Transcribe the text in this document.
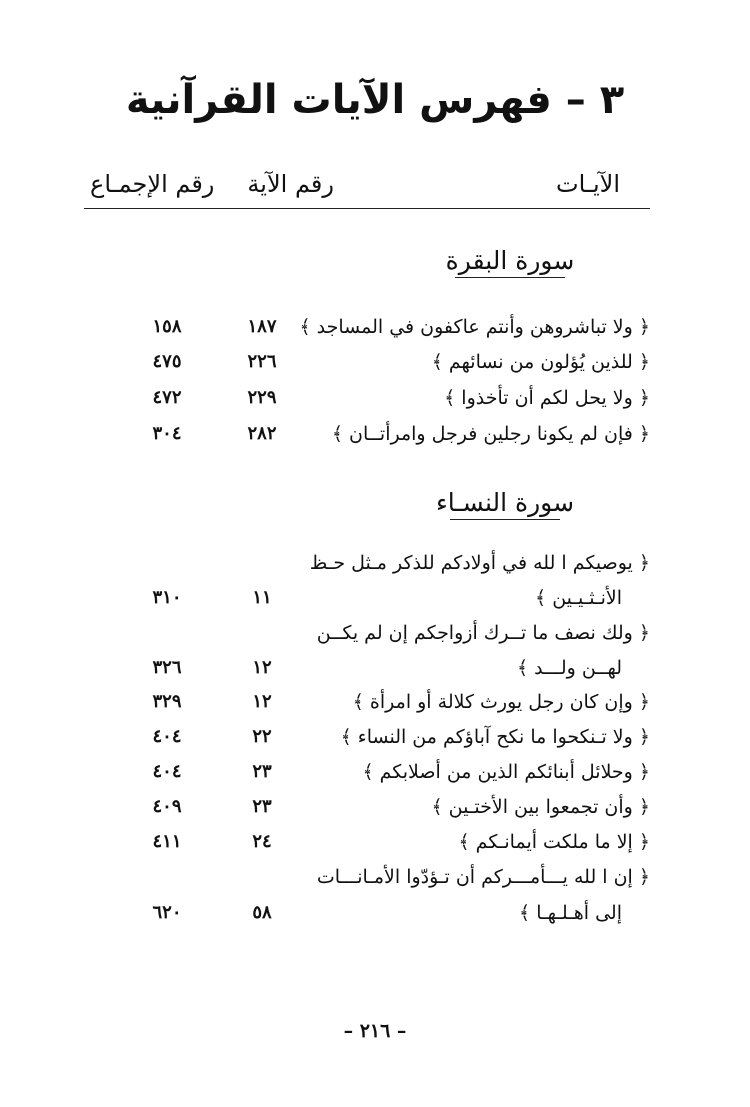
٣ – فهرس الآيات القرآنية
الآيـات
رقم الآية
رقم الإجمـاع
سورة البقرة
﴿ ولا تباشروهن وأنتم عاكفون في المساجد ﴾
١٨٧
١٥٨
﴿ للذين يُؤلون من نسائهم ﴾
٢٢٦
٤٧٥
﴿ ولا يحل لكم أن تأخذوا ﴾
٢٢٩
٤٧٢
﴿ فإن لم يكونا رجلين فرجل وامرأتــان ﴾
٢٨٢
٣٠٤
سورة النسـاء
﴿ يوصيكم ا لله في أولادكم للذكر مـثل حـظ
الأنـثـيـين ﴾
١١
٣١٠
﴿ ولك نصف ما تــرك أزواجكم إن لم يكــن
لهــن ولـــد ﴾
١٢
٣٢٦
﴿ وإن كان رجل يورث كلالة أو امرأة ﴾
١٢
٣٢٩
﴿ ولا تـنكحوا ما نكح آباؤكم من النساء ﴾
٢٢
٤٠٤
﴿ وحلائل أبنائكم الذين من أصلابكم ﴾
٢٣
٤٠٤
﴿ وأن تجمعوا بين الأختـين ﴾
٢٣
٤٠٩
﴿ إلا ما ملكت أيمانـكم ﴾
٢٤
٤١١
﴿ إن ا لله يـــأمـــركم أن تـؤدّوا الأمـانـــات
إلى أهـلـهـا ﴾
٥٨
٦٢٠
– ٢١٦ –
